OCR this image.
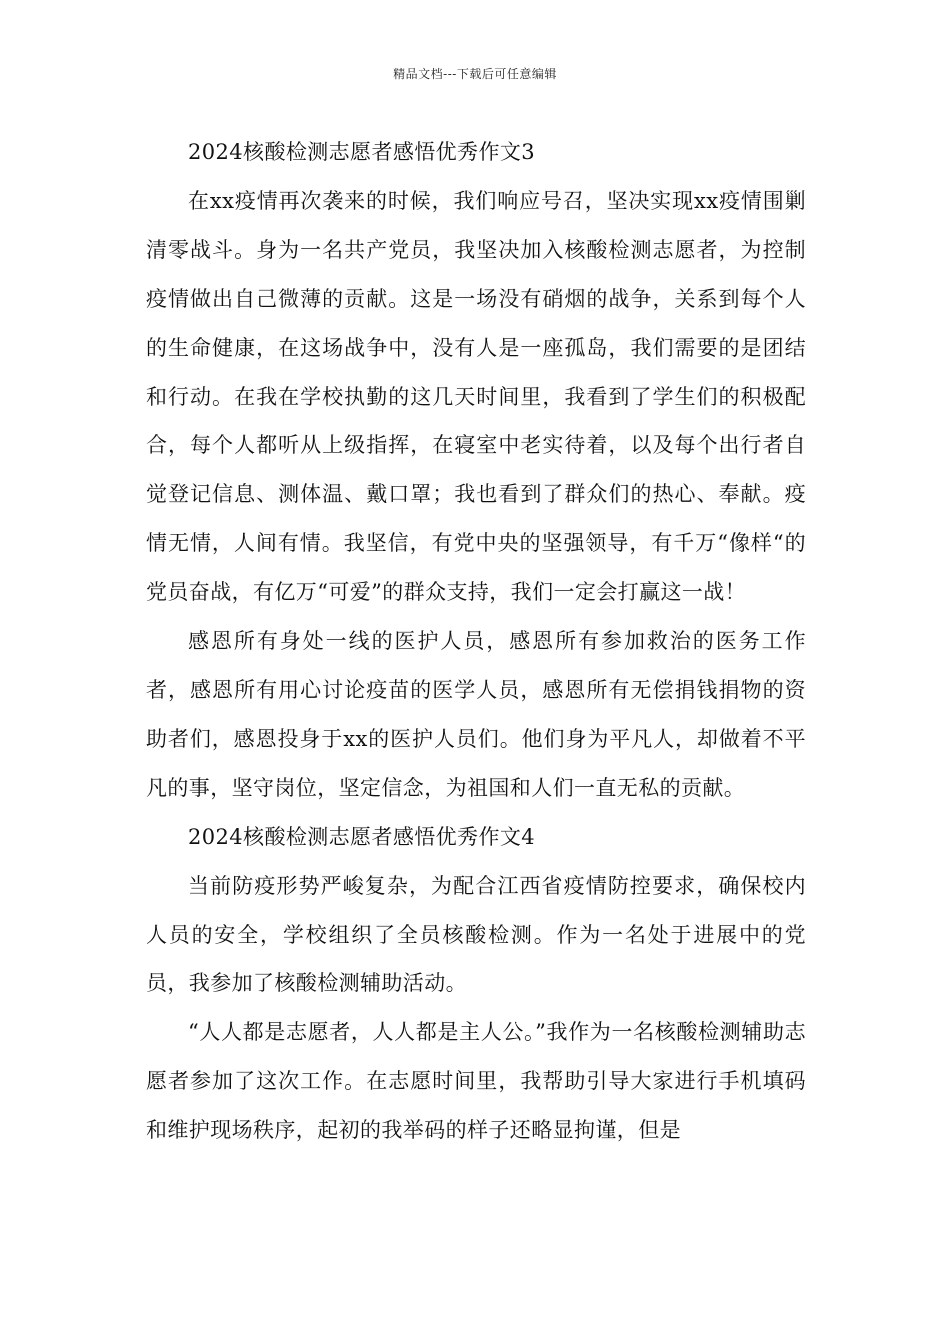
精品文档---下载后可任意编辑
2024核酸检测志愿者感悟优秀作文3

在xx疫情再次袭来的时候，我们响应号召，坚决实现xx疫情围剿清零战斗。身为一名共产党员，我坚决加入核酸检测志愿者，为控制疫情做出自己微薄的贡献。这是一场没有硝烟的战争，关系到每个人的生命健康，在这场战争中，没有人是一座孤岛，我们需要的是团结和行动。在我在学校执勤的这几天时间里，我看到了学生们的积极配合，每个人都听从上级指挥，在寝室中老实待着，以及每个出行者自觉登记信息、测体温、戴口罩；我也看到了群众们的热心、奉献。疫情无情，人间有情。我坚信，有党中央的坚强领导，有千万“像样“的党员奋战，有亿万“可爱”的群众支持，我们一定会打赢这一战！

感恩所有身处一线的医护人员，感恩所有参加救治的医务工作者，感恩所有用心讨论疫苗的医学人员，感恩所有无偿捐钱捐物的资助者们，感恩投身于xx的医护人员们。他们身为平凡人，却做着不平凡的事，坚守岗位，坚定信念，为祖国和人们一直无私的贡献。

2024核酸检测志愿者感悟优秀作文4

当前防疫形势严峻复杂，为配合江西省疫情防控要求，确保校内人员的安全，学校组织了全员核酸检测。作为一名处于进展中的党员，我参加了核酸检测辅助活动。

“人人都是志愿者，人人都是主人公。”我作为一名核酸检测辅助志愿者参加了这次工作。在志愿时间里，我帮助引导大家进行手机填码和维护现场秩序，起初的我举码的样子还略显拘谨，但是
